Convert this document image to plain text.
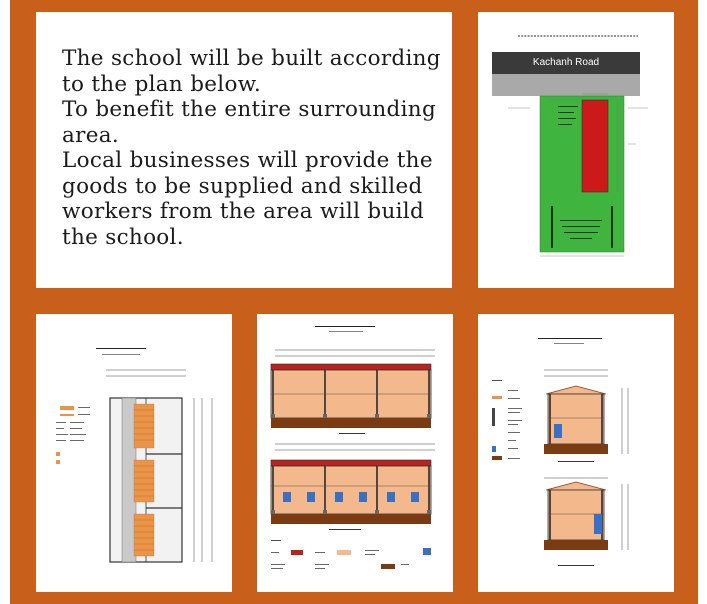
The school will be built according
to the plan below.
To benefit the entire surrounding
area.
Local businesses will provide the
goods to be supplied and skilled
workers from the area will build
the school.
Kachanh Road
